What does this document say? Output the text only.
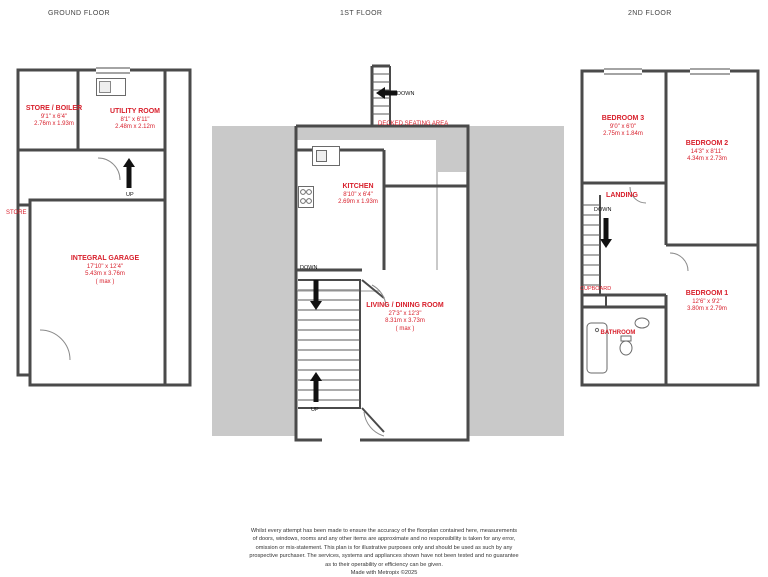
GROUND FLOOR	1ST FLOOR	2ND FLOOR
STORE / BOILER
9'1" x 6'4"
2.76m x 1.93m
UTILITY ROOM
8'1" x 6'11"
2.48m x 2.12m
INTEGRAL GARAGE
17'10" x 12'4"
5.43m x 3.76m
( max )
STORE
UP
DECKED SEATING AREA
KITCHEN
8'10" x 6'4"
2.69m x 1.93m
LIVING / DINING ROOM
27'3" x 12'3"
8.31m x 3.73m
( max )
DOWN
DOWN
UP
BEDROOM 3
9'0" x 6'0"
2.75m x 1.84m
BEDROOM 2
14'3" x 8'11"
4.34m x 2.73m
BEDROOM 1
12'6" x 9'2"
3.80m x 2.79m
LANDING
BATHROOM
CUPBOARD
DOWN
Whilst every attempt has been made to ensure the accuracy of the floorplan contained here, measurements
of doors, windows, rooms and any other items are approximate and no responsibility is taken for any error,
omission or mis-statement. This plan is for illustrative purposes only and should be used as such by any
prospective purchaser. The services, systems and appliances shown have not been tested and no guarantee
as to their operability or efficiency can be given.
Made with Metropix ©2025
